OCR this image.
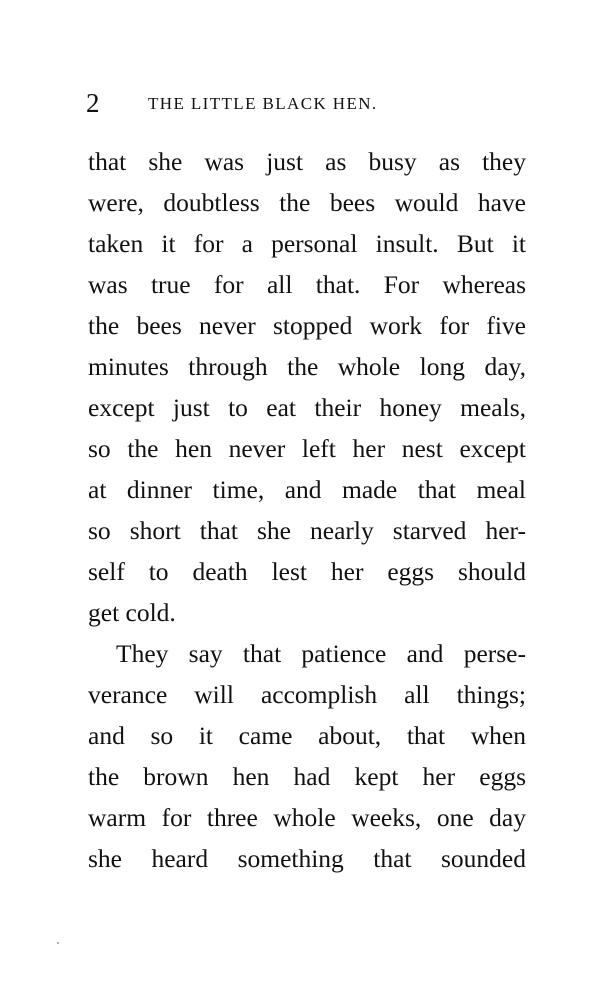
2	THE LITTLE BLACK HEN.
that she was just as busy as they
were, doubtless the bees would have
taken it for a personal insult. But it
was true for all that. For whereas
the bees never stopped work for five
minutes through the whole long day,
except just to eat their honey meals,
so the hen never left her nest except
at dinner time, and made that meal
so short that she nearly starved her-
self to death lest her eggs should
get cold.
They say that patience and perse-
verance will accomplish all things;
and so it came about, that when
the brown hen had kept her eggs
warm for three whole weeks, one day
she heard something that sounded
